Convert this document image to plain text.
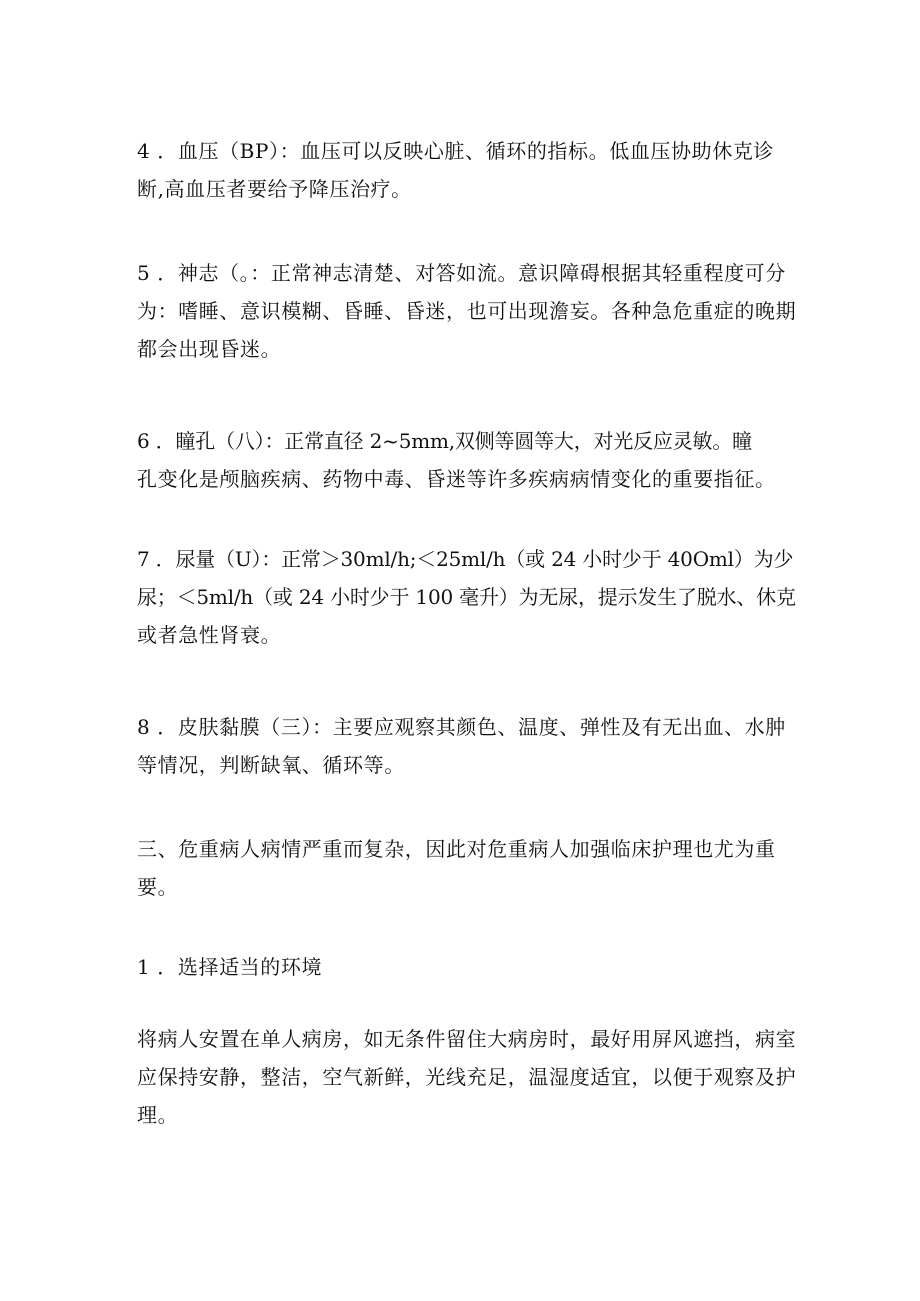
4 ．血压（BP）：血压可以反映心脏、循环的指标。低血压协助休克诊
断,高血压者要给予降压治疗。

5 ．神志（。：正常神志清楚、对答如流。意识障碍根据其轻重程度可分
为：嗜睡、意识模糊、昏睡、昏迷，也可出现澹妄。各种急危重症的晚期
都会出现昏迷。

6 ．瞳孔（八）：正常直径 2~5mm,双侧等圆等大，对光反应灵敏。瞳
孔变化是颅脑疾病、药物中毒、昏迷等许多疾病病情变化的重要指征。

7 ．尿量（U）：正常＞30ml/h;＜25ml/h（或 24 小时少于 40Oml）为少
尿；＜5ml/h（或 24 小时少于 100 毫升）为无尿，提示发生了脱水、休克
或者急性肾衰。

8 ．皮肤黏膜（三）：主要应观察其颜色、温度、弹性及有无出血、水肿
等情况，判断缺氧、循环等。

三、危重病人病情严重而复杂，因此对危重病人加强临床护理也尤为重
要。

1 ．选择适当的环境

将病人安置在单人病房，如无条件留住大病房时，最好用屏风遮挡，病室
应保持安静，整洁，空气新鲜，光线充足，温湿度适宜，以便于观察及护
理。
